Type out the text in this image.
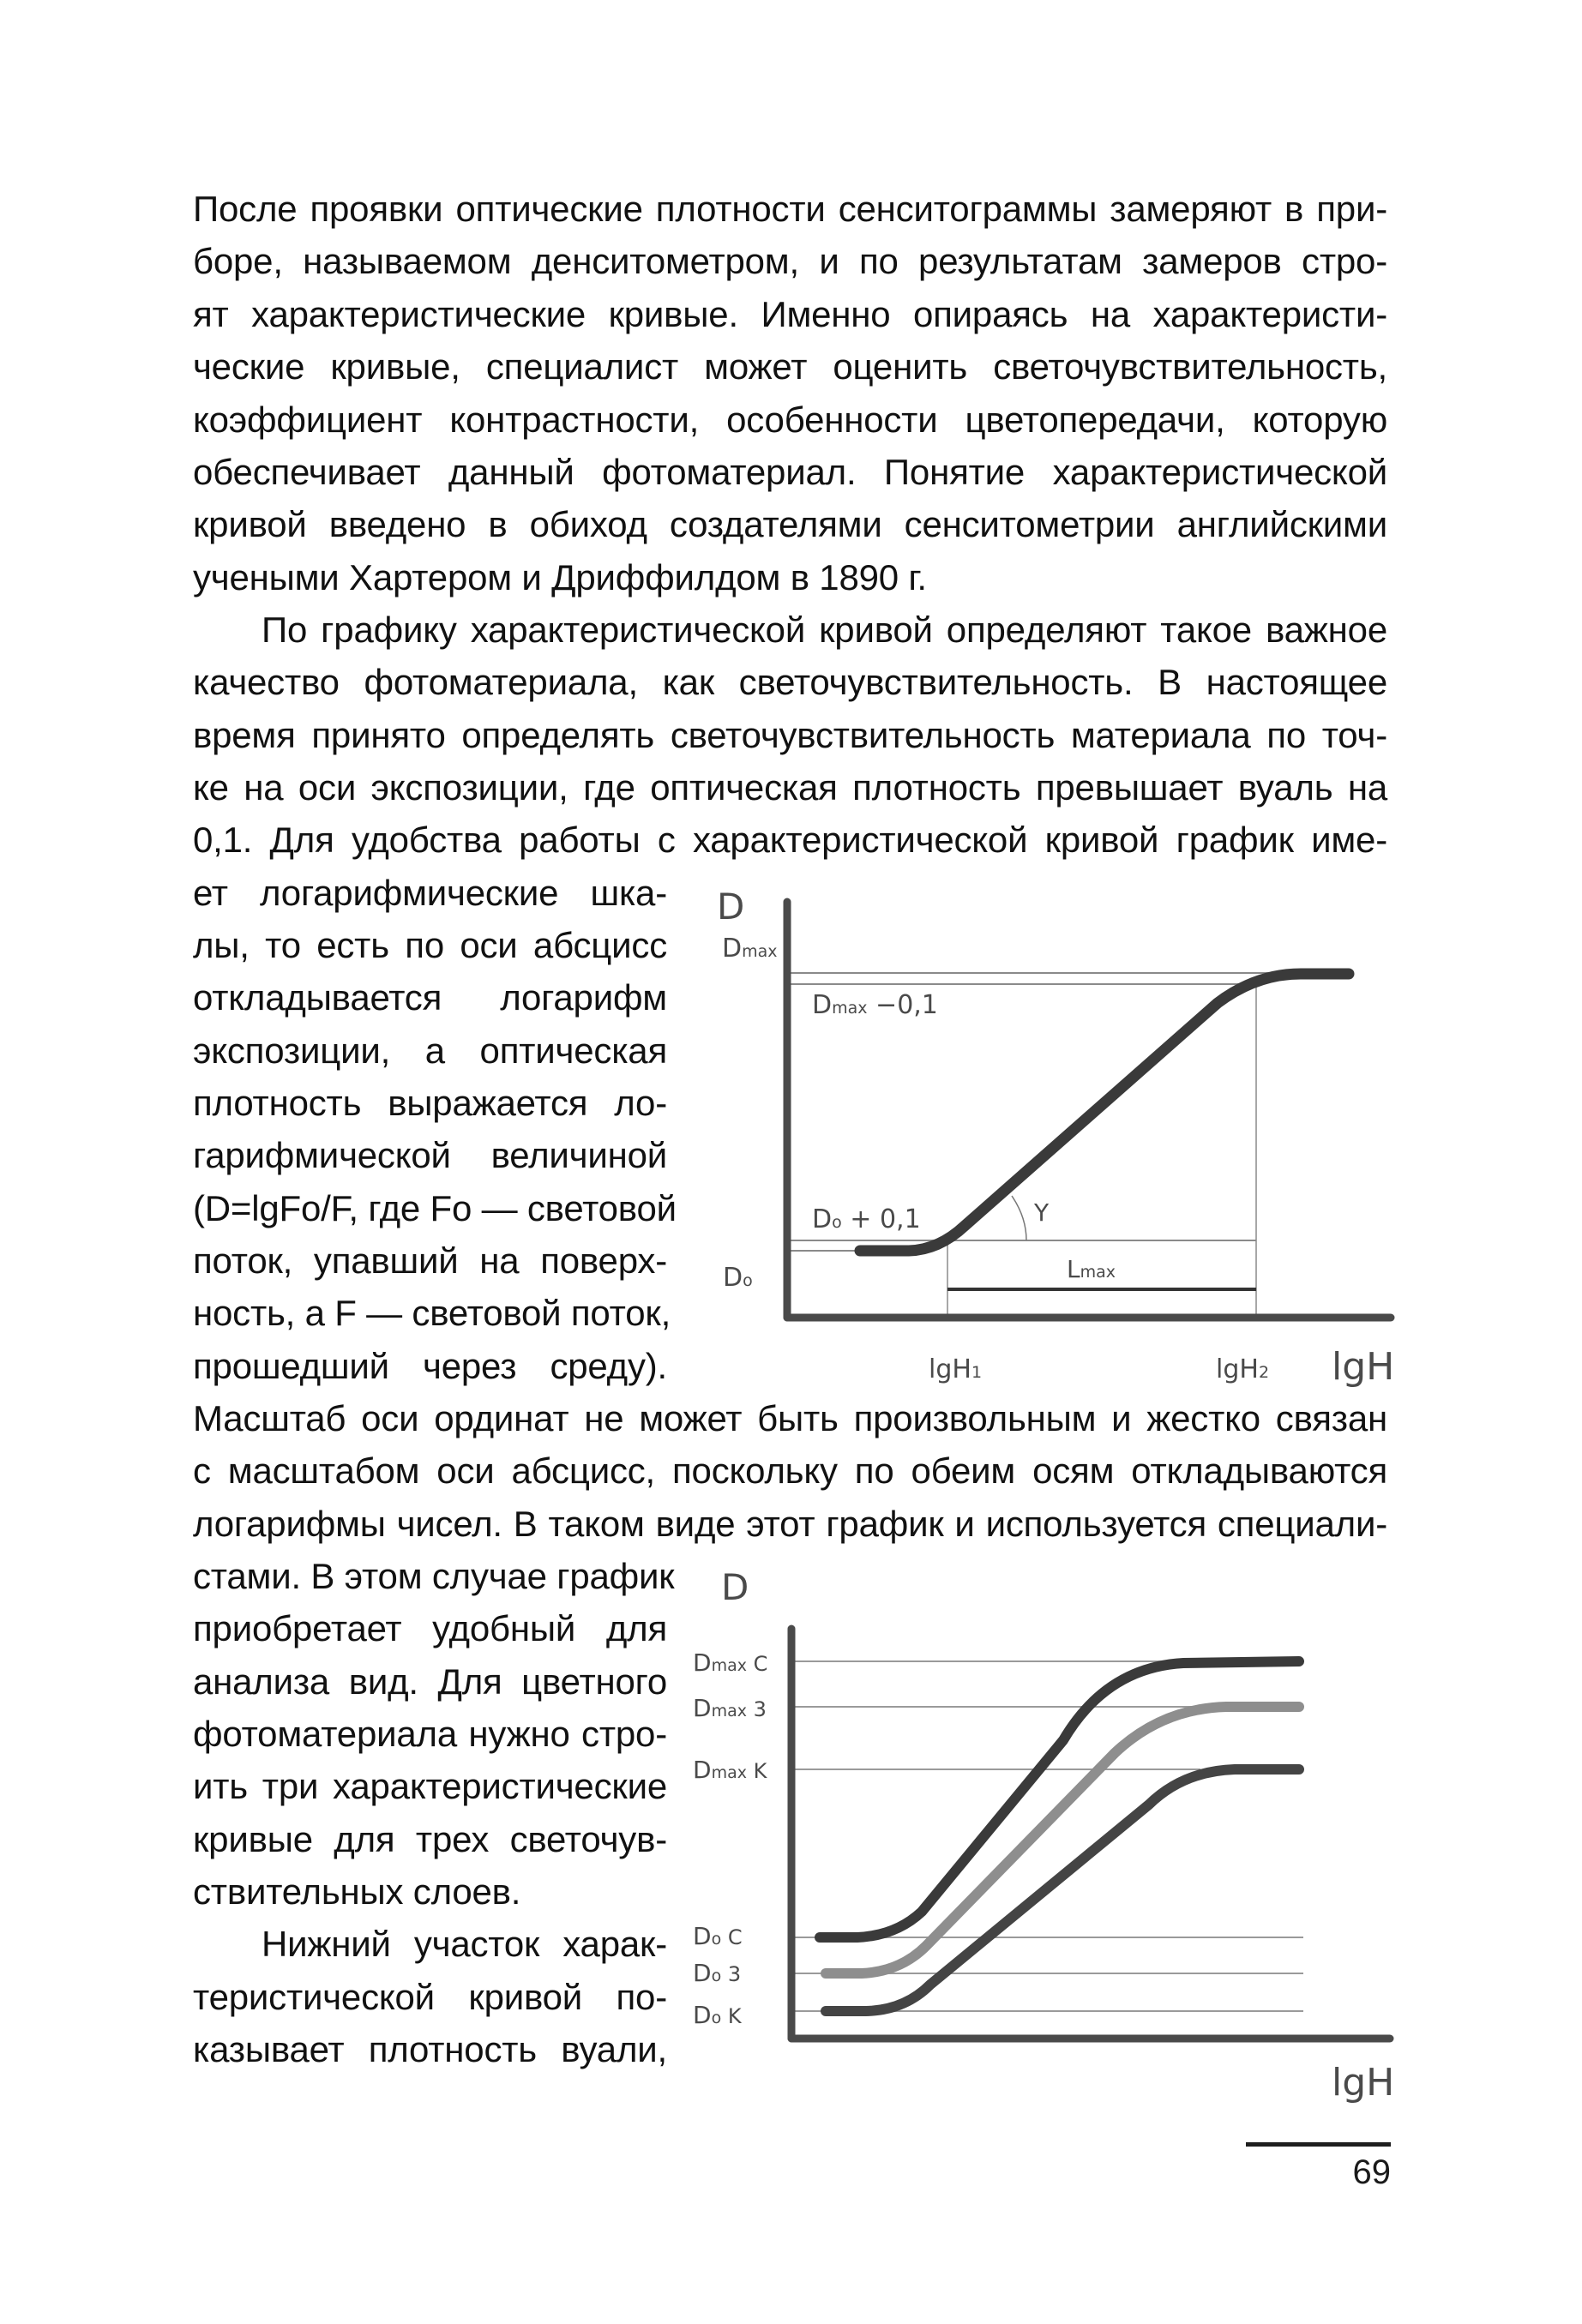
После проявки оптические плотности сенситограммы замеряют в при-
боре, называемом денситометром, и по результатам замеров стро-
ят характеристические кривые. Именно опираясь на характеристи-
ческие кривые, специалист может оценить светочувствительность,
коэффициент контрастности, особенности цветопередачи, которую
обеспечивает данный фотоматериал. Понятие характеристической
кривой введено в обиход создателями сенситометрии английскими
учеными Хартером и Дриффилдом в 1890 г.
По графику характеристической кривой определяют такое важное
качество фотоматериала, как светочувствительность. В настоящее
время принято определять светочувствительность материала по точ-
ке на оси экспозиции, где оптическая плотность превышает вуаль на
0,1. Для удобства работы с характеристической кривой график име-
ет логарифмические шка-
лы, то есть по оси абсцисс
откладывается логарифм
экспозиции, а оптическая
плотность выражается ло-
гарифмической величиной
(D=lgFo/F, где Fo — световой
поток, упавший на поверх-
ность, а F — световой поток,
прошедший через среду).
Масштаб оси ординат не может быть произвольным и жестко связан
с масштабом оси абсцисс, поскольку по обеим осям откладываются
логарифмы чисел. В таком виде этот график и используется специали-
стами. В этом случае график
приобретает удобный для
анализа вид. Для цветного
фотоматериала нужно стро-
ить три характеристические
кривые для трех светочув-
ствительных слоев.
Нижний участок харак-
теристической кривой по-
казывает плотность вуали,
D
Dmax
Dmax −0,1
Do + 0,1
Do
Y
Lmax
lgH1	lgH2 lgH
D
Dmax C
Dmax 3
Dmax K
Do C
Do 3
Do K
lgH
69
